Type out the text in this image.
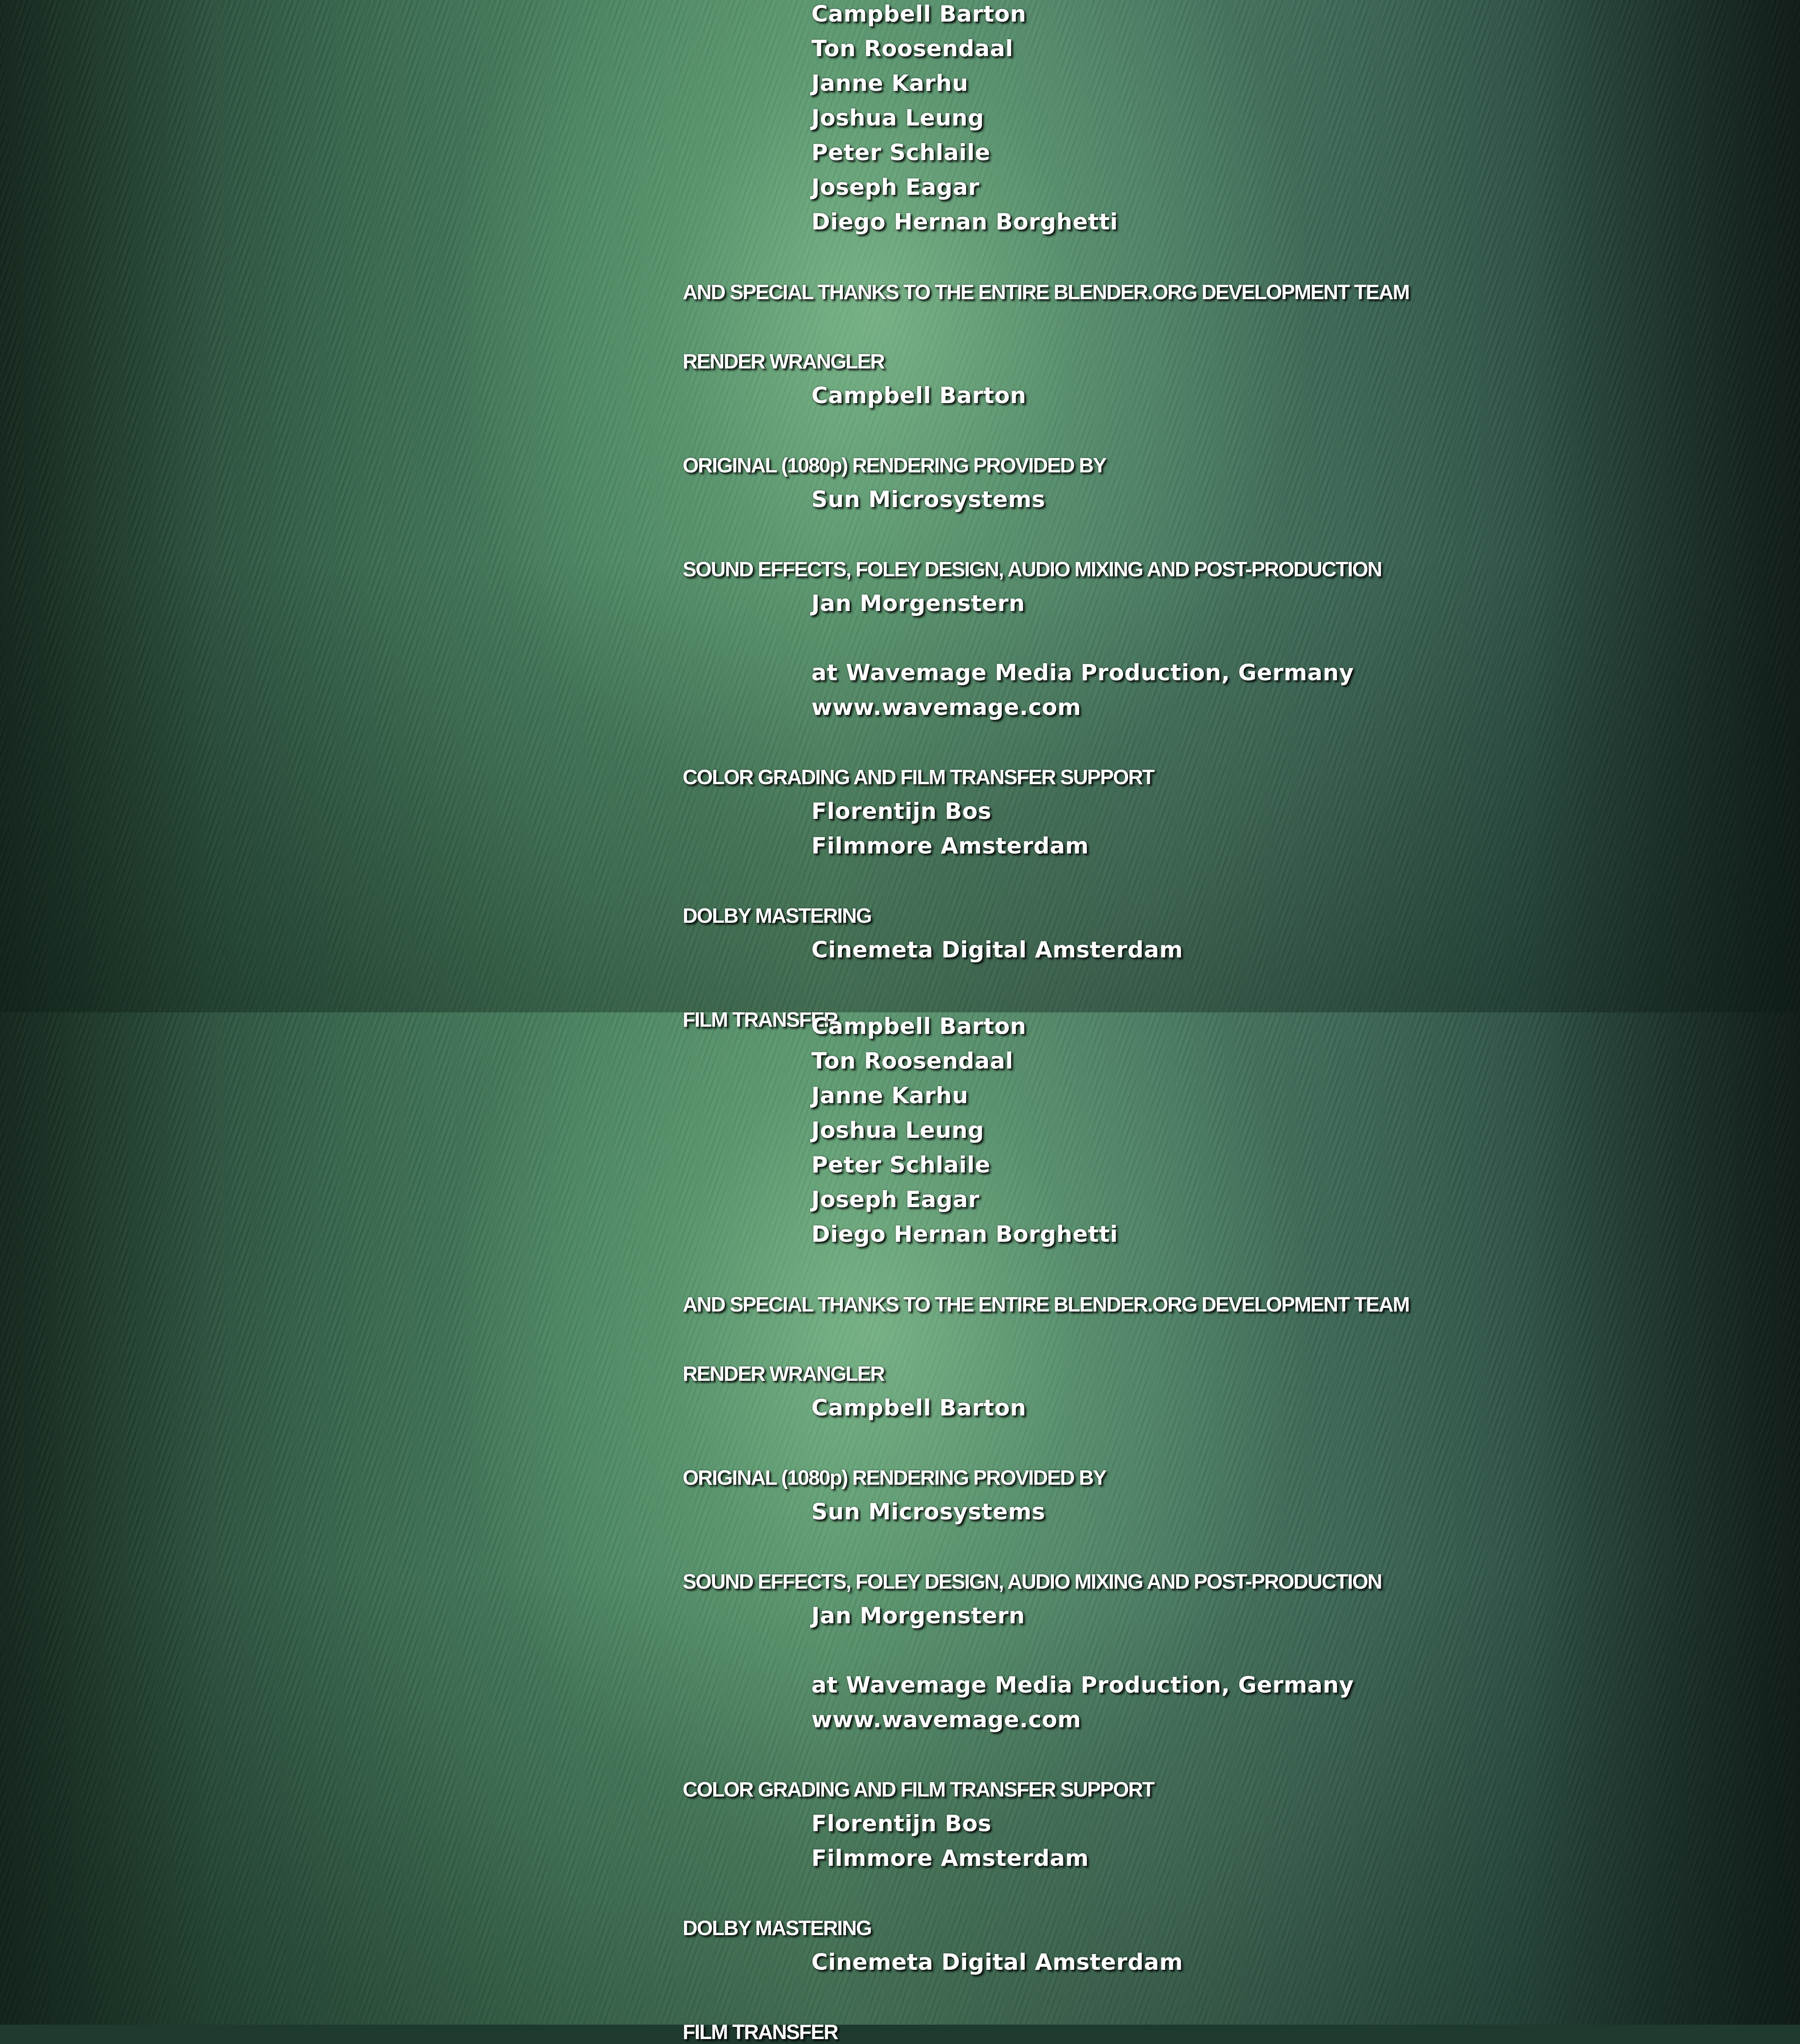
Campbell Barton
Ton Roosendaal
Janne Karhu
Joshua Leung
Peter Schlaile
Joseph Eagar
Diego Hernan Borghetti
AND SPECIAL THANKS TO THE ENTIRE BLENDER.ORG DEVELOPMENT TEAM
RENDER WRANGLER
Campbell Barton
ORIGINAL (1080p) RENDERING PROVIDED BY
Sun Microsystems
SOUND EFFECTS, FOLEY DESIGN, AUDIO MIXING AND POST-PRODUCTION
Jan Morgenstern
at Wavemage Media Production, Germany
www.wavemage.com
COLOR GRADING AND FILM TRANSFER SUPPORT
Florentijn Bos
Filmmore Amsterdam
DOLBY MASTERING
Cinemeta Digital Amsterdam
FILM TRANSFER
Campbell Barton
Ton Roosendaal
Janne Karhu
Joshua Leung
Peter Schlaile
Joseph Eagar
Diego Hernan Borghetti
AND SPECIAL THANKS TO THE ENTIRE BLENDER.ORG DEVELOPMENT TEAM
RENDER WRANGLER
Campbell Barton
ORIGINAL (1080p) RENDERING PROVIDED BY
Sun Microsystems
SOUND EFFECTS, FOLEY DESIGN, AUDIO MIXING AND POST-PRODUCTION
Jan Morgenstern
at Wavemage Media Production, Germany
www.wavemage.com
COLOR GRADING AND FILM TRANSFER SUPPORT
Florentijn Bos
Filmmore Amsterdam
DOLBY MASTERING
Cinemeta Digital Amsterdam
FILM TRANSFER
